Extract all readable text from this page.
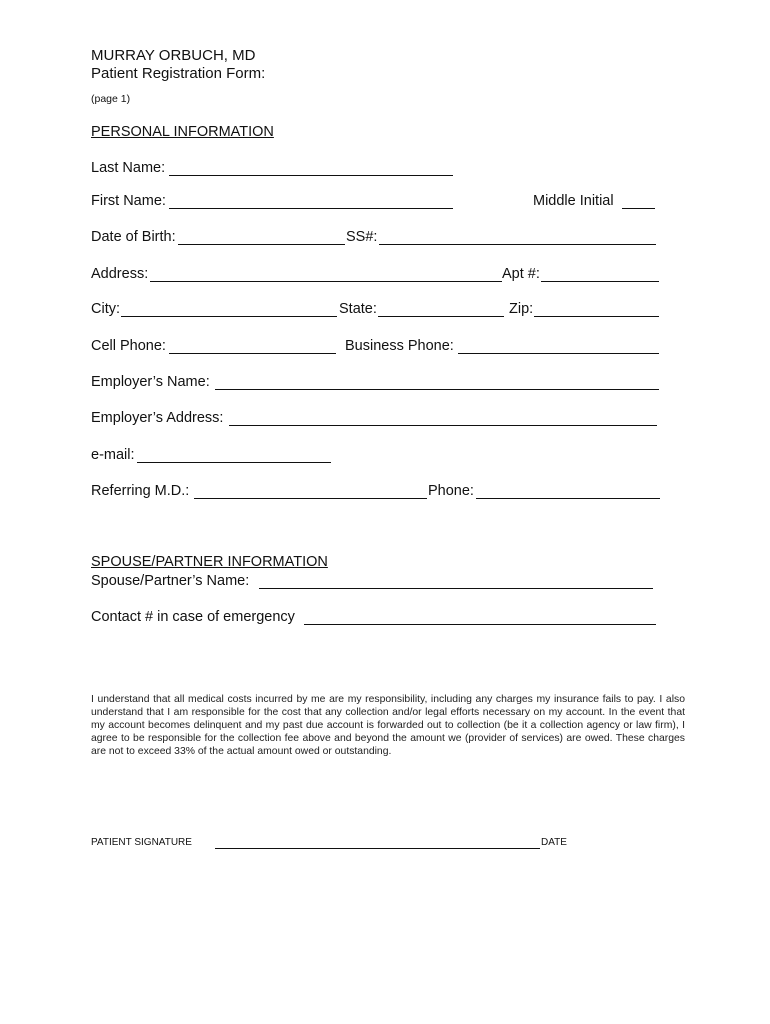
MURRAY ORBUCH, MD
Patient Registration Form:
(page 1)
PERSONAL INFORMATION
Last Name:
First Name:	Middle Initial
Date of Birth:	SS#:
Address:	Apt #:
City:	State:	Zip:
Cell Phone:	Business Phone:
Employer’s Name:
Employer’s Address:
e-mail:
Referring M.D.:	Phone:
SPOUSE/PARTNER INFORMATION
Spouse/Partner’s Name:
Contact # in case of emergency
I understand that all medical costs incurred by me are my responsibility, including any charges my insurance fails to pay. I also understand that I am responsible for the cost that any collection and/or legal efforts necessary on my account. In the event that my account becomes delinquent and my past due account is forwarded out to collection (be it a collection agency or law firm), I agree to be responsible for the collection fee above and beyond the amount we (provider of services) are owed. These charges are not to exceed 33% of the actual amount owed or outstanding.
PATIENT SIGNATURE	DATE
